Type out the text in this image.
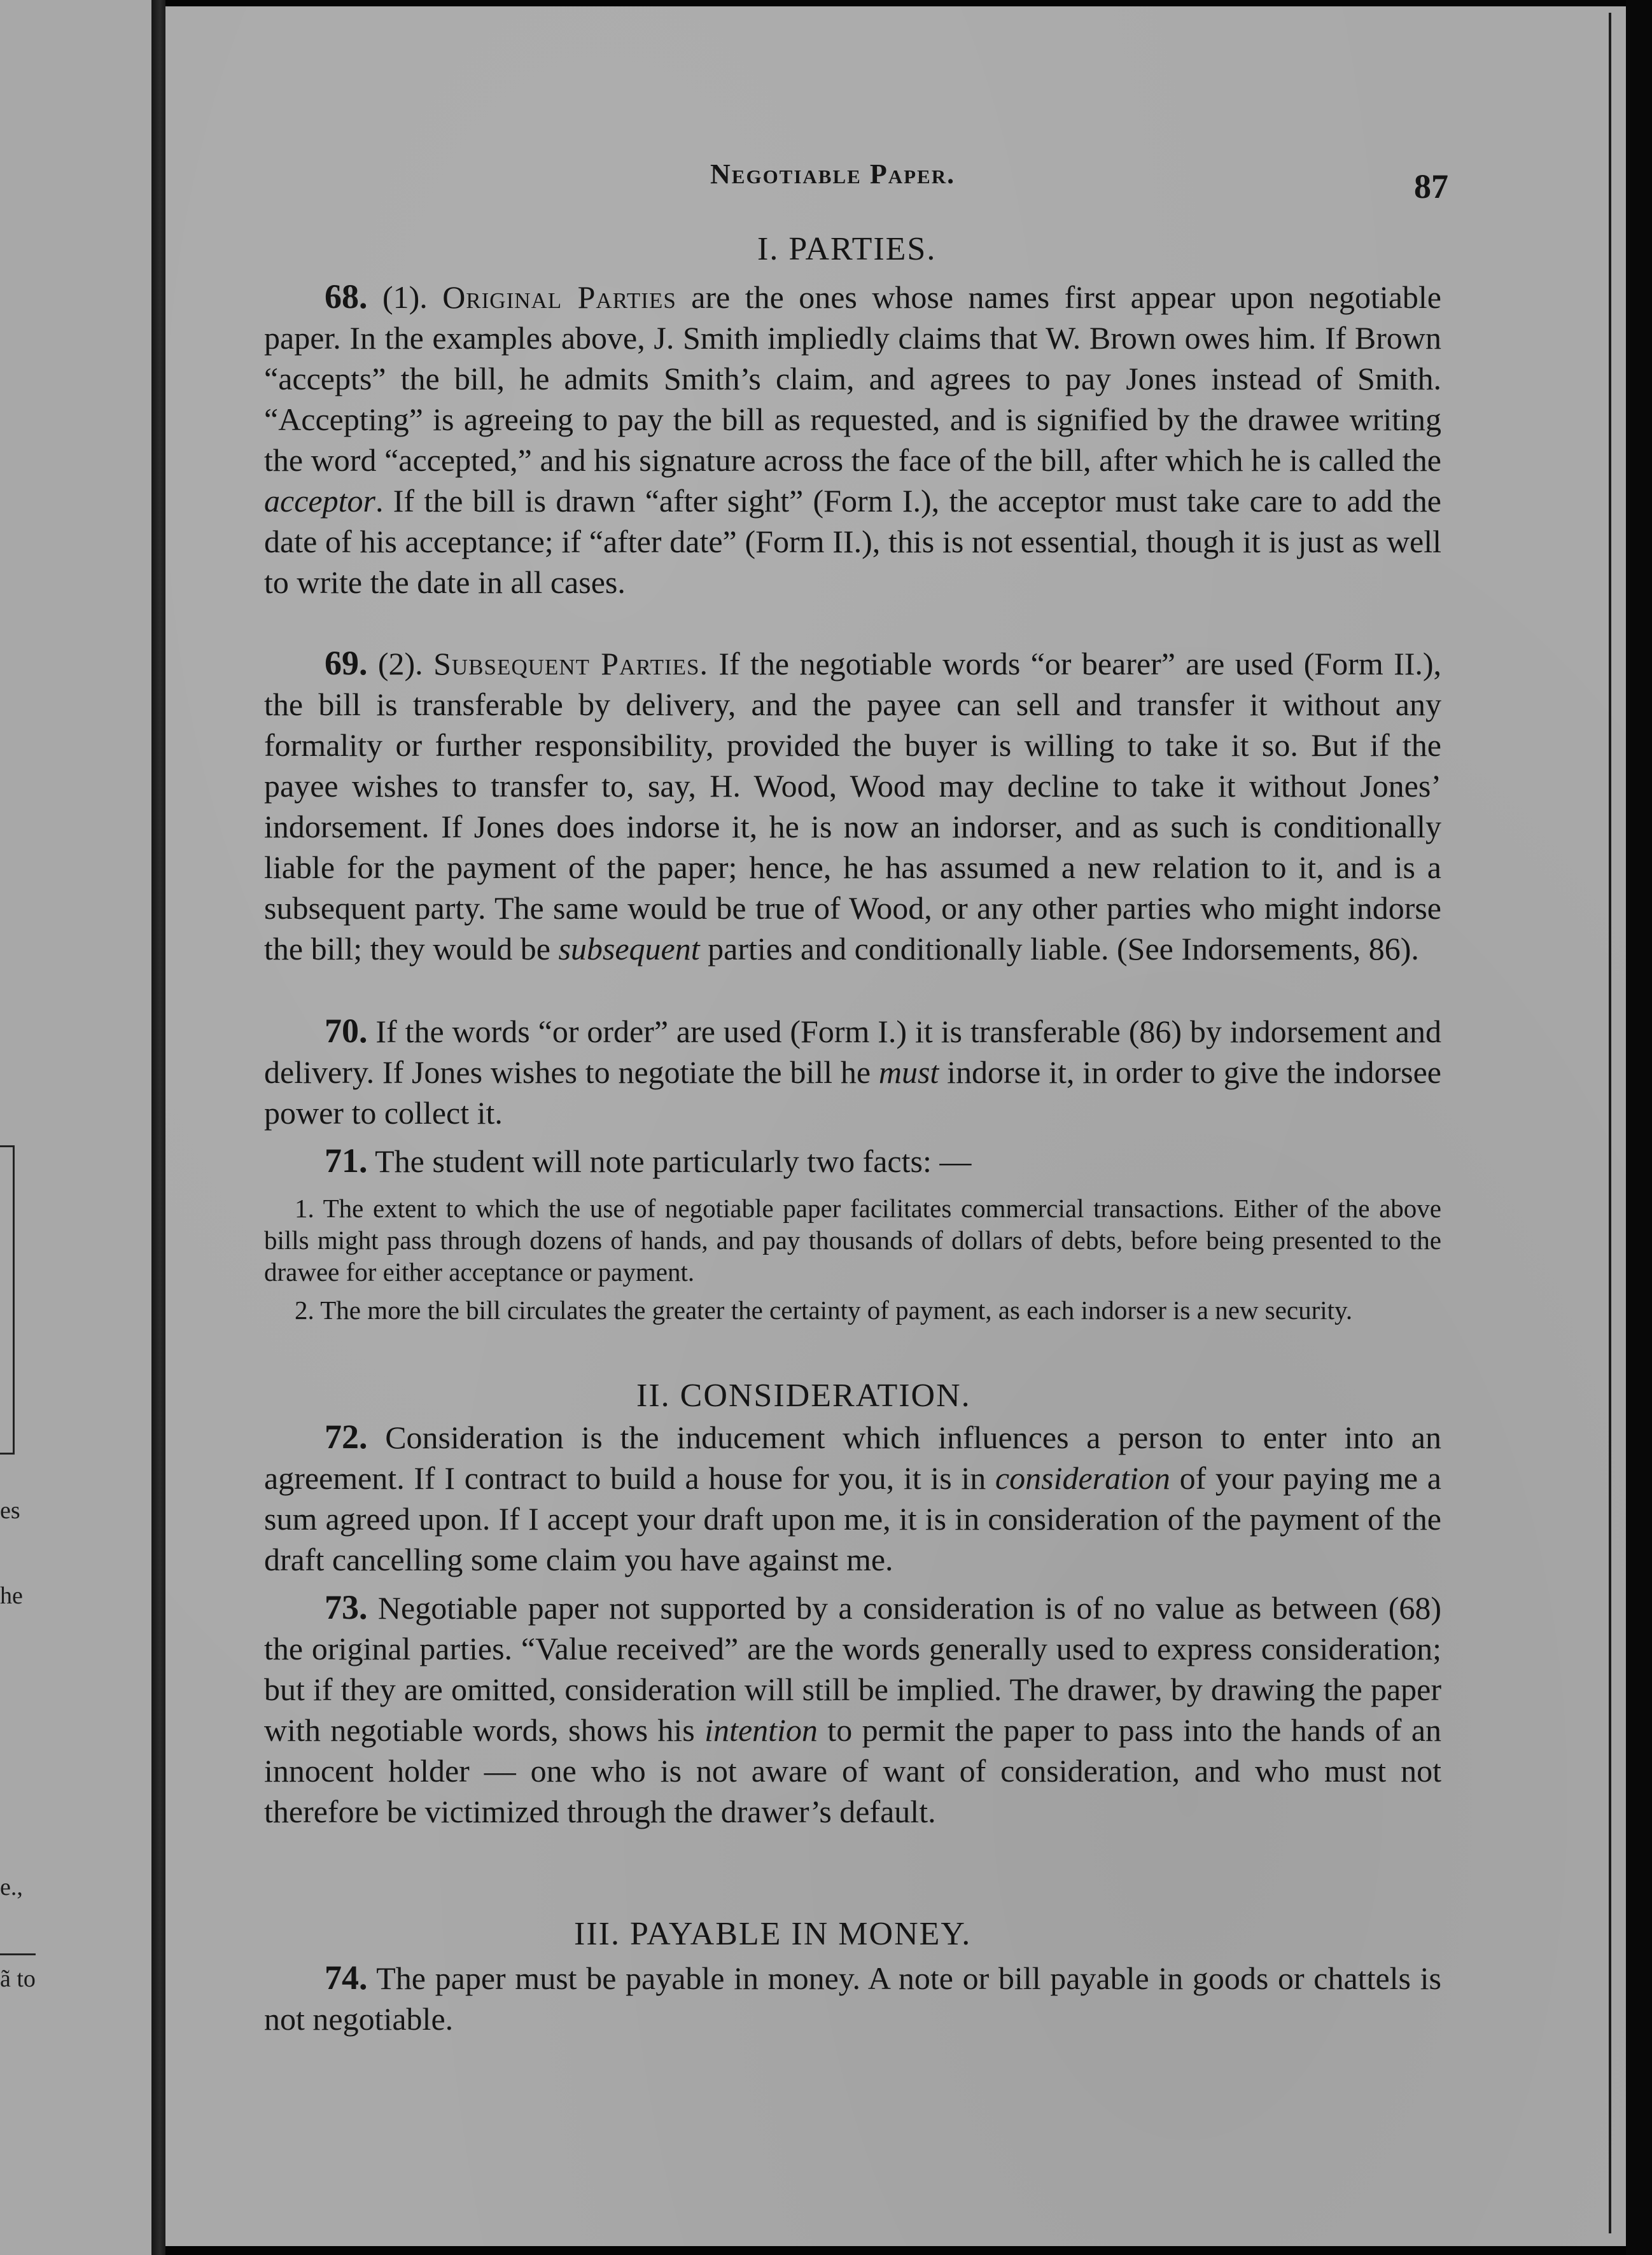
es
he
e.,
ã to
Negotiable Paper.	87
I. PARTIES.

68. (1). Original Parties are the ones whose names first appear upon negotiable paper. In the examples above, J. Smith impliedly claims that W. Brown owes him. If Brown “accepts” the bill, he admits Smith’s claim, and agrees to pay Jones instead of Smith. “Accepting” is agreeing to pay the bill as requested, and is signified by the drawee writing the word “accepted,” and his signature across the face of the bill, after which he is called the acceptor. If the bill is drawn “after sight” (Form I.), the acceptor must take care to add the date of his acceptance; if “after date” (Form II.), this is not essential, though it is just as well to write the date in all cases.

69. (2). Subsequent Parties. If the negotiable words “or bearer” are used (Form II.), the bill is transferable by delivery, and the payee can sell and transfer it without any formality or further responsibility, provided the buyer is willing to take it so. But if the payee wishes to transfer to, say, H. Wood, Wood may decline to take it without Jones’ indorsement. If Jones does indorse it, he is now an indorser, and as such is conditionally liable for the payment of the paper; hence, he has assumed a new relation to it, and is a subsequent party. The same would be true of Wood, or any other parties who might indorse the bill; they would be subsequent parties and conditionally liable. (See Indorsements, 86).

70. If the words “or order” are used (Form I.) it is transferable (86) by indorsement and delivery. If Jones wishes to negotiate the bill he must indorse it, in order to give the indorsee power to collect it.

71. The student will note particularly two facts: —

1. The extent to which the use of negotiable paper facilitates commercial transactions. Either of the above bills might pass through dozens of hands, and pay thousands of dollars of debts, before being presented to the drawee for either acceptance or payment.

2. The more the bill circulates the greater the certainty of payment, as each indorser is a new security.

II. CONSIDERATION.

72. Consideration is the inducement which influences a person to enter into an agreement. If I contract to build a house for you, it is in consideration of your paying me a sum agreed upon. If I accept your draft upon me, it is in consideration of the payment of the draft cancelling some claim you have against me.

73. Negotiable paper not supported by a consideration is of no value as between (68) the original parties. “Value received” are the words generally used to express consideration; but if they are omitted, consideration will still be implied. The drawer, by drawing the paper with negotiable words, shows his intention to permit the paper to pass into the hands of an innocent holder — one who is not aware of want of consideration, and who must not therefore be victimized through the drawer’s default.

III. PAYABLE IN MONEY.

74. The paper must be payable in money. A note or bill payable in goods or chattels is not negotiable.
